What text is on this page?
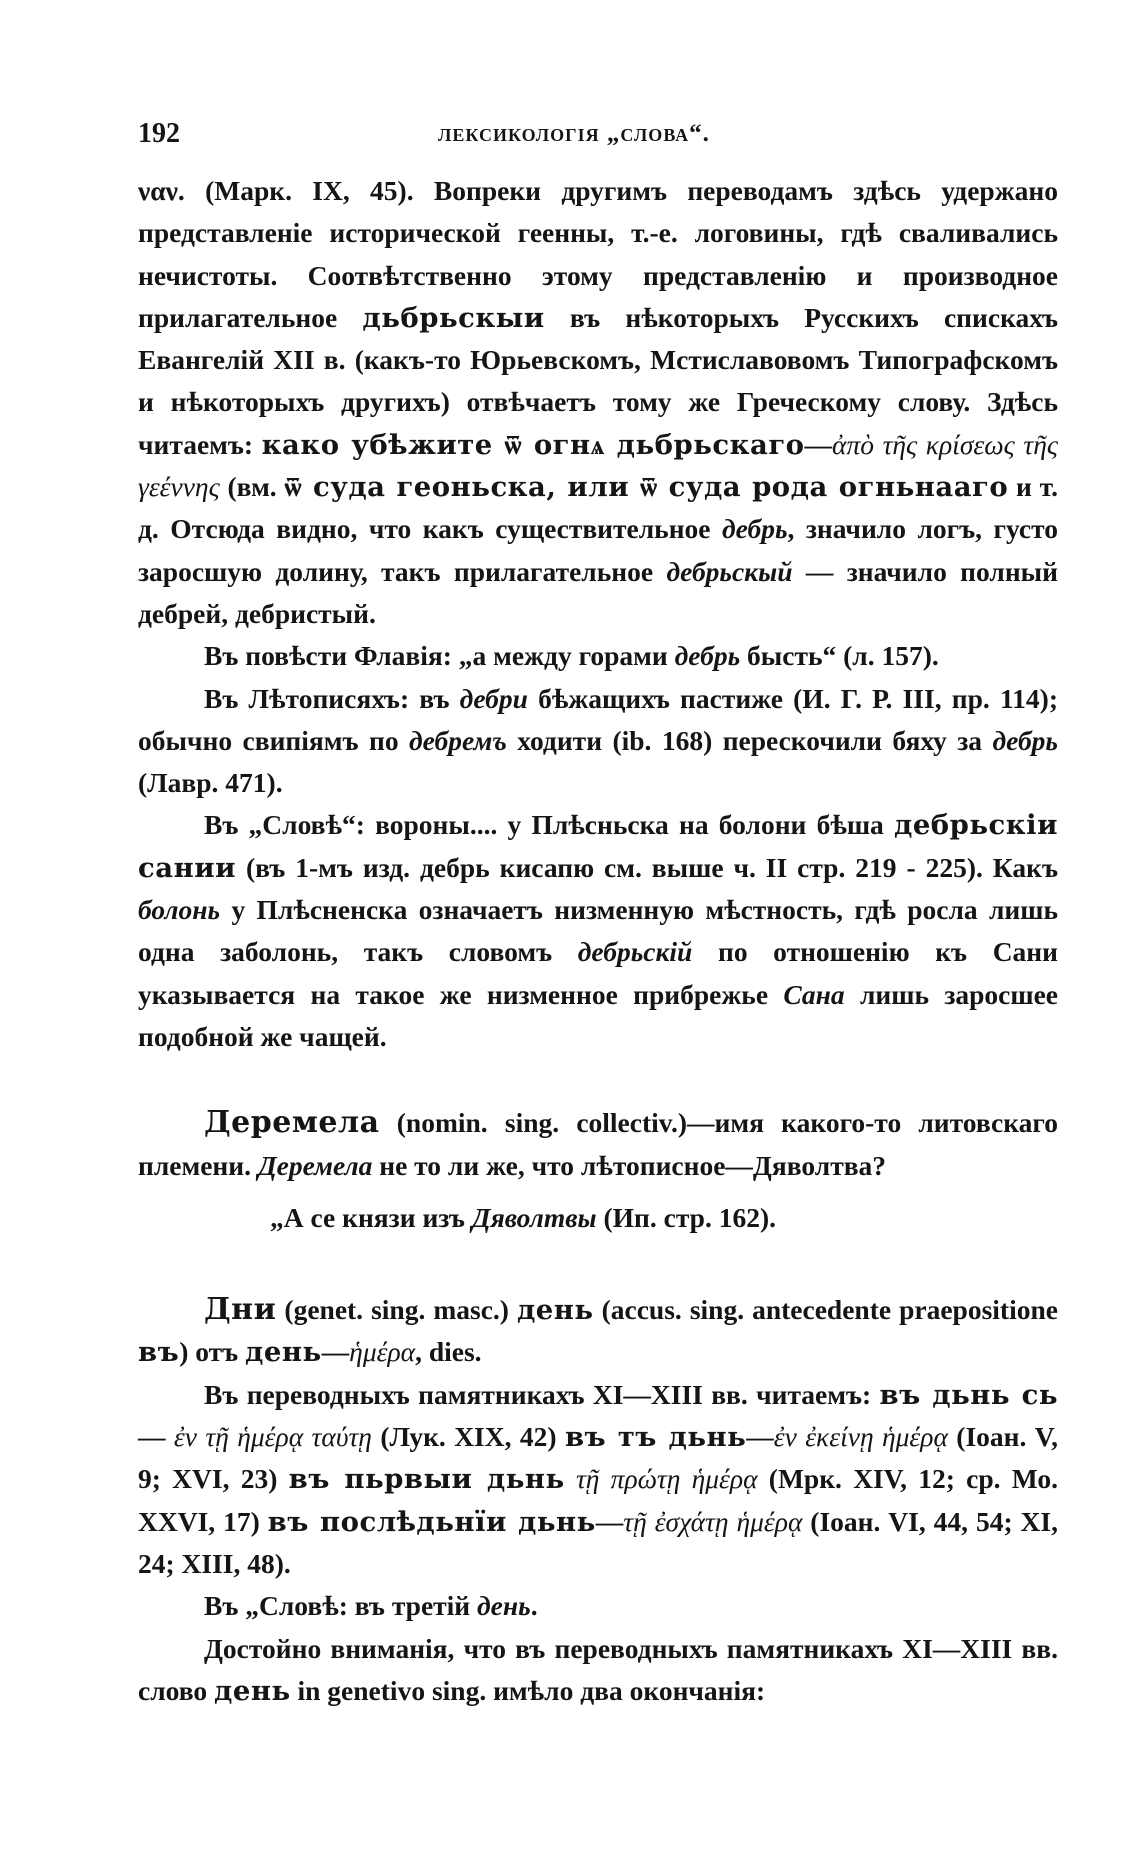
192	лексикологія „слова“.

ναν. (Марк. IX, 45). Вопреки другимъ переводамъ здѣсь удержано представленіе исторической геенны, т.-е. логовины, гдѣ сваливались нечистоты. Соотвѣтственно этому представленію и производное прилагательное дьбрьскыи въ нѣкоторыхъ Русскихъ спискахъ Евангелій XII в. (какъ-то Юрьевскомъ, Мстиславовомъ Типографскомъ и нѣкоторыхъ другихъ) отвѣчаетъ тому же Греческому слову. Здѣсь читаемъ: како убѣжите ѿ огнѧ дьбрьскаго—ἀπὸ τῆς κρίσεως τῆς γεέννης (вм. ѿ суда геоньска, или ѿ суда рода огньнааго и т. д. Отсюда видно, что какъ существительное дебрь, значило логъ, густо заросшую долину, такъ прилагательное дебрьскый — значило полный дебрей, дебристый.

Въ повѣсти Флавія: „а между горами дебрь бысть“ (л. 157).

Въ Лѣтописяхъ: въ дебри бѣжащихъ пастиже (И. Г. Р. III, пр. 114); обычно свипіямъ по дебремъ ходити (ib. 168) перескочили бяху за дебрь (Лавр. 471).

Въ „Словѣ“: вороны.... у Плѣсньска на болони бѣша дебрьскіи сании (въ 1-мъ изд. дебрь кисапю см. выше ч. II стр. 219 - 225). Какъ болонь у Плѣсненска означаетъ низменную мѣстность, гдѣ росла лишь одна заболонь, такъ словомъ дебрьскій по отношенію къ Сани указывается на такое же низменное прибрежье Сана лишь заросшее подобной же чащей.

Деремела (nomin. sing. collectiv.)—имя какого-то литовскаго племени. Деремела не то ли же, что лѣтописное—Дяволтва?

„А се князи изъ Дяволтвы (Ип. стр. 162).

Дни (genet. sing. masc.) день (accus. sing. antecedente praepositione въ) отъ день—ἡμέρα, dies.

Въ переводныхъ памятникахъ XI—XIII вв. читаемъ: въ дьнь сь — ἐν τῇ ἡμέρᾳ ταύτῃ (Лук. XIX, 42) въ тъ дьнь—ἐν ἐκείνῃ ἡμέρᾳ (Іоан. V, 9; XVI, 23) въ пьрвыи дьнь τῇ πρώτῃ ἡμέρᾳ (Мрк. XIV, 12; ср. Мо. XXVI, 17) въ послѣдьнїи дьнь—τῇ ἐσχάτῃ ἡμέρᾳ (Іоан. VI, 44, 54; XI, 24; XIII, 48).

Въ „Словѣ: въ третій день.

Достойно вниманія, что въ переводныхъ памятникахъ XI—XIII вв. слово день in genetivo sing. имѣло два окончанія:
